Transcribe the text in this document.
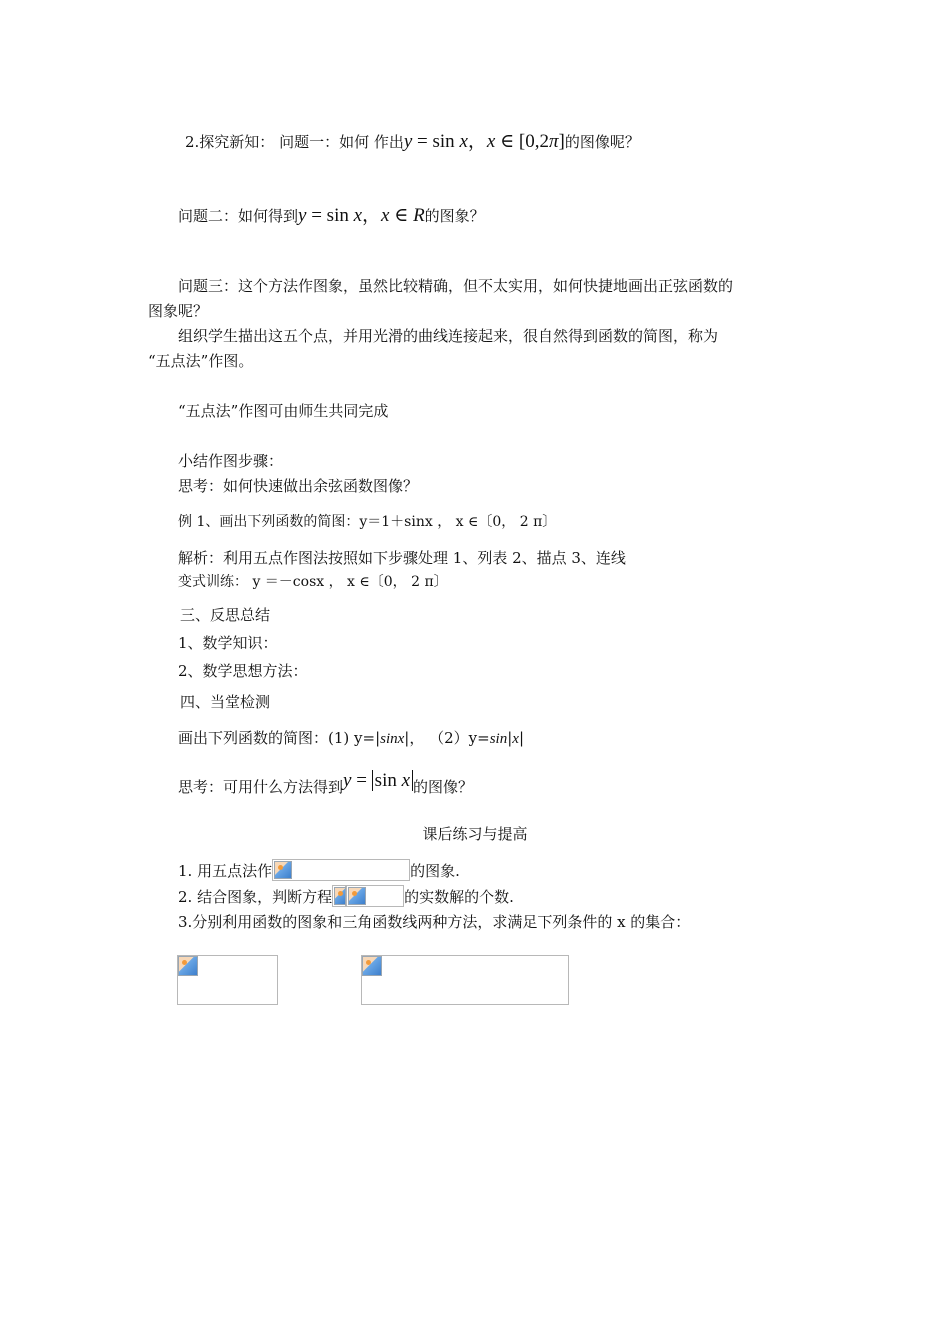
2.探究新知： 问题一：如何 作出y = sin x，x ∈ [0,2π]的图像呢？
问题二：如何得到y = sin x，x ∈ R的图象？
问题三：这个方法作图象，虽然比较精确，但不太实用，如何快捷地画出正弦函数的
图象呢？
组织学生描出这五个点，并用光滑的曲线连接起来，很自然得到函数的简图，称为
“五点法”作图。
“五点法”作图可由师生共同完成
小结作图步骤：
思考：如何快速做出余弦函数图像？
例 1、画出下列函数的简图：y＝1＋sinx ， x ∈〔0， 2 π〕
解析：利用五点作图法按照如下步骤处理 1、列表 2、描点 3、连线
变式训练： y ＝－cosx ， x ∈〔0， 2 π〕
三、反思总结
1、数学知识：
2、数学思想方法：
四、当堂检测
画出下列函数的简图：(1) y=|sinx|， （2）y=sin|x|
思考：可用什么方法得到y = sin x 的图像？
课后练习与提高
1. 用五点法作	的图象.
2. 结合图象，判断方程	的实数解的个数.
3.分别利用函数的图象和三角函数线两种方法，求满足下列条件的 x 的集合：
